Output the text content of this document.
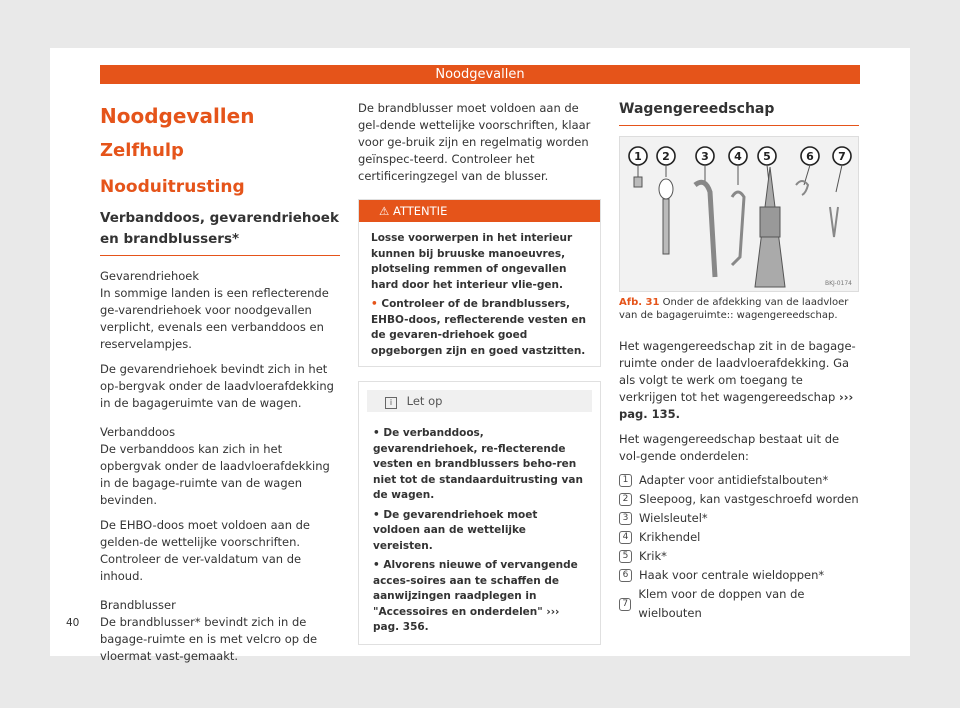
Noodgevallen
Noodgevallen
Zelfhulp
Nooduitrusting
Verbanddoos, gevarendriehoek en brandblussers*

Gevarendriehoek

In sommige landen is een reflecterende ge-varendriehoek voor noodgevallen verplicht, evenals een verbanddoos en reservelampjes.

De gevarendriehoek bevindt zich in het op-bergvak onder de laadvloerafdekking in de bagageruimte van de wagen.

Verbanddoos

De verbanddoos kan zich in het opbergvak onder de laadvloerafdekking in de bagage-ruimte van de wagen bevinden.

De EHBO-doos moet voldoen aan de gelden-de wettelijke voorschriften. Controleer de ver-valdatum van de inhoud.

Brandblusser

De brandblusser* bevindt zich in de bagage-ruimte en is met velcro op de vloermat vast-gemaakt.

De brandblusser moet voldoen aan de gel-dende wettelijke voorschriften, klaar voor ge-bruik zijn en regelmatig worden geïnspec-teerd. Controleer het certificeringzegel van de blusser.

⚠ ATTENTIE
Losse voorwerpen in het interieur kunnen bij bruuske manoeuvres, plotseling remmen of ongevallen hard door het interieur vlie-gen.
• Controleer of de brandblussers, EHBO-doos, reflecterende vesten en de gevaren-driehoek goed opgeborgen zijn en goed vastzitten.
i Let op
• De verbanddoos, gevarendriehoek, re-flecterende vesten en brandblussers beho-ren niet tot de standaarduitrusting van de wagen.
• De gevarendriehoek moet voldoen aan de wettelijke vereisten.
• Alvorens nieuwe of vervangende acces-soires aan te schaffen de aanwijzingen raadplegen in "Accessoires en onderdelen" ››› pag. 356.
Wagengereedschap
1 2	3 4 5	6 7
BKJ-0174
Afb. 31 Onder de afdekking van de laadvloer van de bagageruimte:: wagengereedschap.

Het wagengereedschap zit in de bagage-ruimte onder de laadvloerafdekking. Ga als volgt te werk om toegang te verkrijgen tot het wagengereedschap ››› pag. 135.

Het wagengereedschap bestaat uit de vol-gende onderdelen:

1 Adapter voor antidiefstalbouten*
2 Sleepoog, kan vastgeschroefd worden
3 Wielsleutel*
4 Krikhendel
5 Krik*
6 Haak voor centrale wieldoppen*
7
Klem voor de doppen van de wielbouten
40
